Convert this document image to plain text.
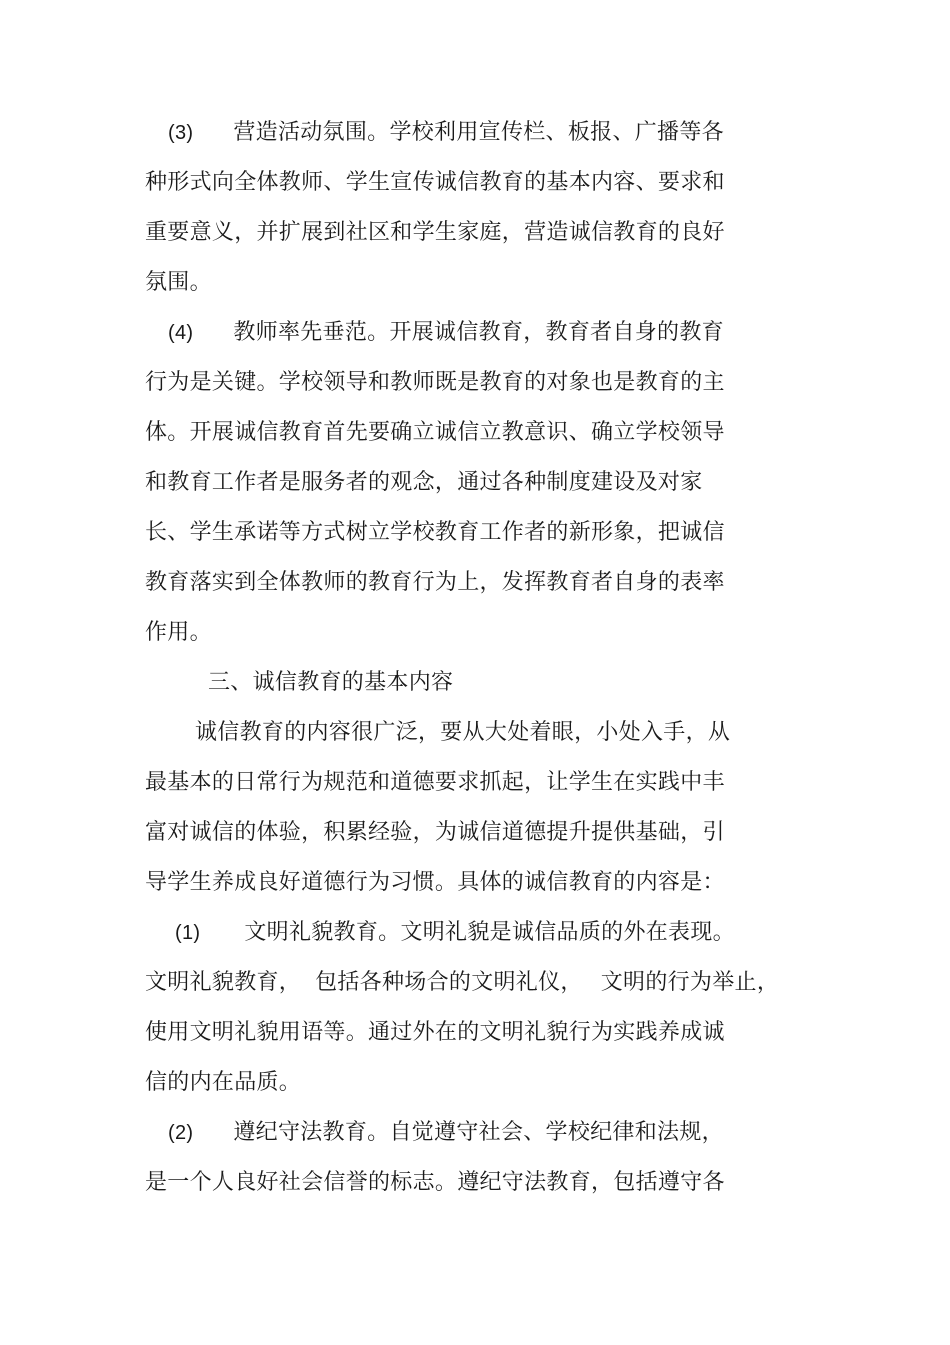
(3) 营造活动氛围。学校利用宣传栏、板报、广播等各
种形式向全体教师、学生宣传诚信教育的基本内容、要求和
重要意义，并扩展到社区和学生家庭，营造诚信教育的良好
氛围。
(4) 教师率先垂范。开展诚信教育，教育者自身的教育
行为是关键。学校领导和教师既是教育的对象也是教育的主
体。开展诚信教育首先要确立诚信立教意识、确立学校领导
和教育工作者是服务者的观念，通过各种制度建设及对家
长、学生承诺等方式树立学校教育工作者的新形象，把诚信
教育落实到全体教师的教育行为上，发挥教育者自身的表率
作用。
三、诚信教育的基本内容
诚信教育的内容很广泛，要从大处着眼，小处入手，从
最基本的日常行为规范和道德要求抓起，让学生在实践中丰
富对诚信的体验，积累经验，为诚信道德提升提供基础，引
导学生养成良好道德行为习惯。具体的诚信教育的内容是：
(1) 文明礼貌教育。文明礼貌是诚信品质的外在表现。
文明礼貌教育， 包括各种场合的文明礼仪， 文明的行为举止，
使用文明礼貌用语等。通过外在的文明礼貌行为实践养成诚
信的内在品质。
(2) 遵纪守法教育。自觉遵守社会、学校纪律和法规，
是一个人良好社会信誉的标志。遵纪守法教育，包括遵守各
